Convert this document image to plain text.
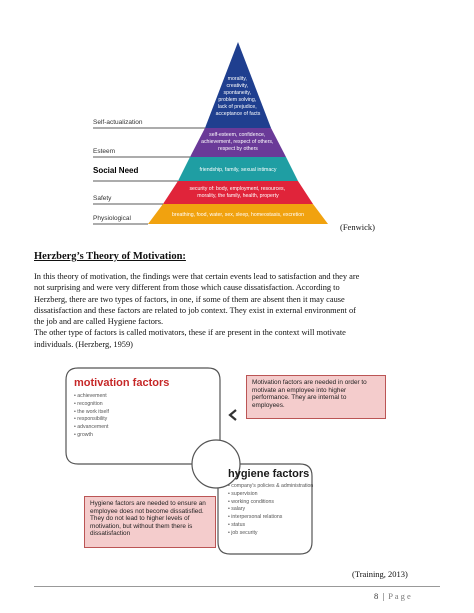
morality, creativity, spontaneity, problem solving, lack of prejudice, acceptance of facts
self-esteem, confidence, achievement, respect of others, respect by others
friendship, family, sexual intimacy
security of: body, employment, resources, morality, the family, health, property
breathing, food, water, sex, sleep, homeostasis, excretion
Self-actualization
Esteem
Social Need
Safety
Physiological
(Fenwick)
Herzberg’s Theory of Motivation:
In this theory of motivation, the findings were that certain events lead to satisfaction and they are
not surprising and were very different from those which cause dissatisfaction. According to
Herzberg, there are two types of factors, in one, if some of them are absent then it may cause
dissatisfaction and these factors are related to job context. They exist in external environment of
the job and are called Hygiene factors.
The other type of factors is called motivators, these if are present in the context will motivate
individuals. (Herzberg, 1959)
motivation factors
• achievement
• recognition
• the work itself
• responsibility
• advancement
• growth
Motivation factors are needed in order to motivate an employee into higher performance. They are internal to employees.
hygiene factors
• company's policies & administration
• supervision
• working conditions
• salary
• interpersonal relations
• status
• job security
Hygiene factors are needed to ensure an employee does not become dissatisfied. They do not lead to higher levels of motivation, but without them there is dissatisfaction
(Training, 2013)
8 | P a g e
